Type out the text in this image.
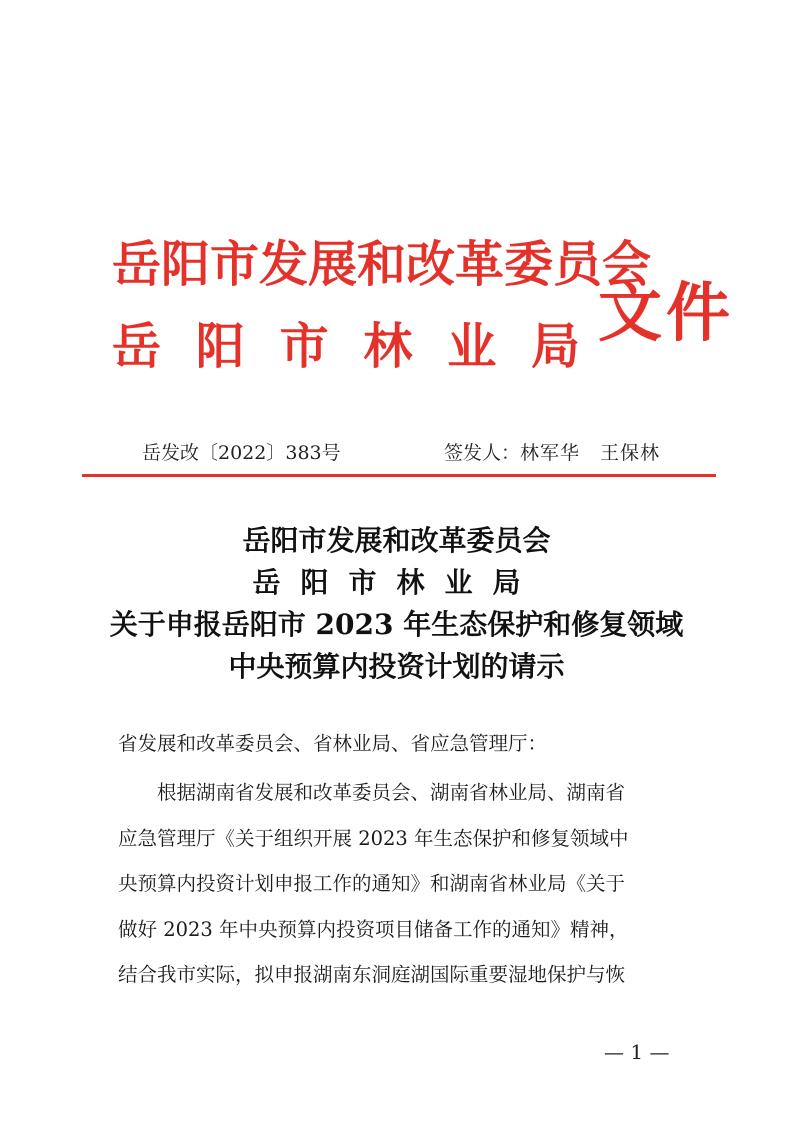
岳阳市发展和改革委员会
岳 阳 市 林 业 局 文件
岳发改〔2022〕383号	签发人：林军华　王保林
岳阳市发展和改革委员会
岳阳市林业局
关于申报岳阳市 2023 年生态保护和修复领域
中央预算内投资计划的请示
省发展和改革委员会、省林业局、省应急管理厅：
根据湖南省发展和改革委员会、湖南省林业局、湖南省
应急管理厅《关于组织开展 2023 年生态保护和修复领域中
央预算内投资计划申报工作的通知》和湖南省林业局《关于
做好 2023 年中央预算内投资项目储备工作的通知》精神，
结合我市实际，拟申报湖南东洞庭湖国际重要湿地保护与恢
— 1 —
